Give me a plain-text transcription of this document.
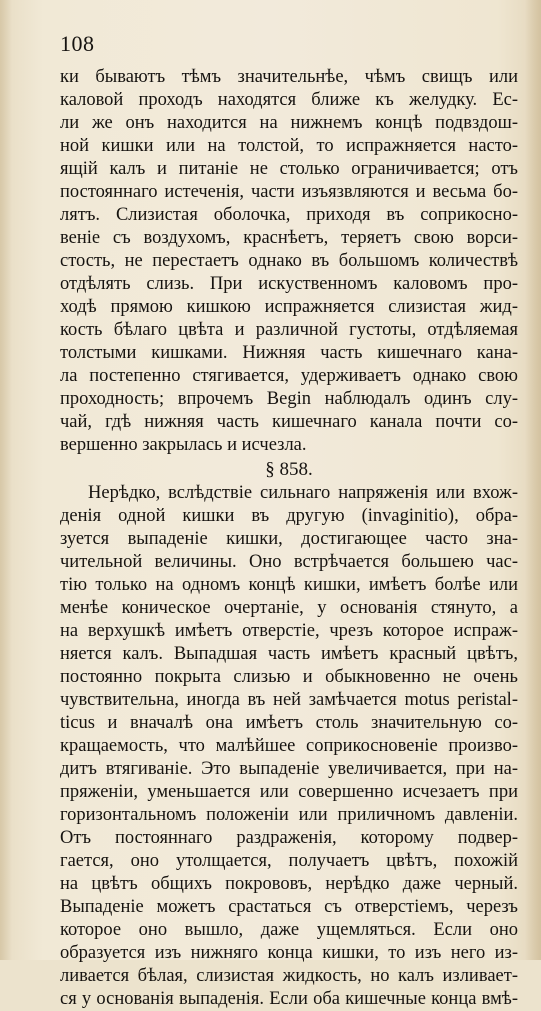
108
ки бываютъ тѣмъ значительнѣе, чѣмъ свищъ или
каловой проходъ находятся ближе къ желудку. Ес-
ли же онъ находится на нижнемъ концѣ подвздош-
ной кишки или на толстой, то испражняется насто-
ящій калъ и питаніе не столько ограничивается; отъ
постояннаго истеченія, части изъязвляются и весьма бо-
лятъ. Слизистая оболочка, приходя въ соприкосно-
веніе съ воздухомъ, краснѣетъ, теряетъ свою ворси-
стость, не перестаетъ однако въ большомъ количествѣ
отдѣлять слизь. При искуственномъ каловомъ про-
ходѣ прямою кишкою испражняется слизистая жид-
кость бѣлаго цвѣта и различной густоты, отдѣляемая
толстыми кишками. Нижняя часть кишечнаго кана-
ла постепенно стягивается, удерживаетъ однако свою
проходность; впрочемъ Begin наблюдалъ одинъ слу-
чай, гдѣ нижняя часть кишечнаго канала почти со-
вершенно закрылась и исчезла.
§ 858.
Нерѣдко, вслѣдствіе сильнаго напряженія или вхож-
денія одной кишки въ другую (invaginitio), обра-
зуется выпаденіе кишки, достигающее часто зна-
чительной величины. Оно встрѣчается большею час-
тію только на одномъ концѣ кишки, имѣетъ болѣе или
менѣе коническое очертаніе, у основанія стянуто, а
на верхушкѣ имѣетъ отверстіе, чрезъ которое испраж-
няется калъ. Выпадшая часть имѣетъ красный цвѣтъ,
постоянно покрыта слизью и обыкновенно не очень
чувствительна, иногда въ ней замѣчается motus peristal-
ticus и вначалѣ она имѣетъ столь значительную со-
кращаемость, что малѣйшее соприкосновеніе произво-
дитъ втягиваніе. Это выпаденіе увеличивается, при на-
пряженіи, уменьшается или совершенно исчезаетъ при
горизонтальномъ положеніи или приличномъ давленіи.
Отъ постояннаго раздраженія, которому подвер-
гается, оно утолщается, получаетъ цвѣтъ, похожій
на цвѣтъ общихъ покрововъ, нерѣдко даже черный.
Выпаденіе можетъ срастаться съ отверстіемъ, черезъ
которое оно вышло, даже ущемляться. Если оно
образуется изъ нижняго конца кишки, то изъ него из-
ливается бѣлая, слизистая жидкость, но калъ изливает-
ся у основанія выпаденія. Если оба кишечные конца вмѣ-
